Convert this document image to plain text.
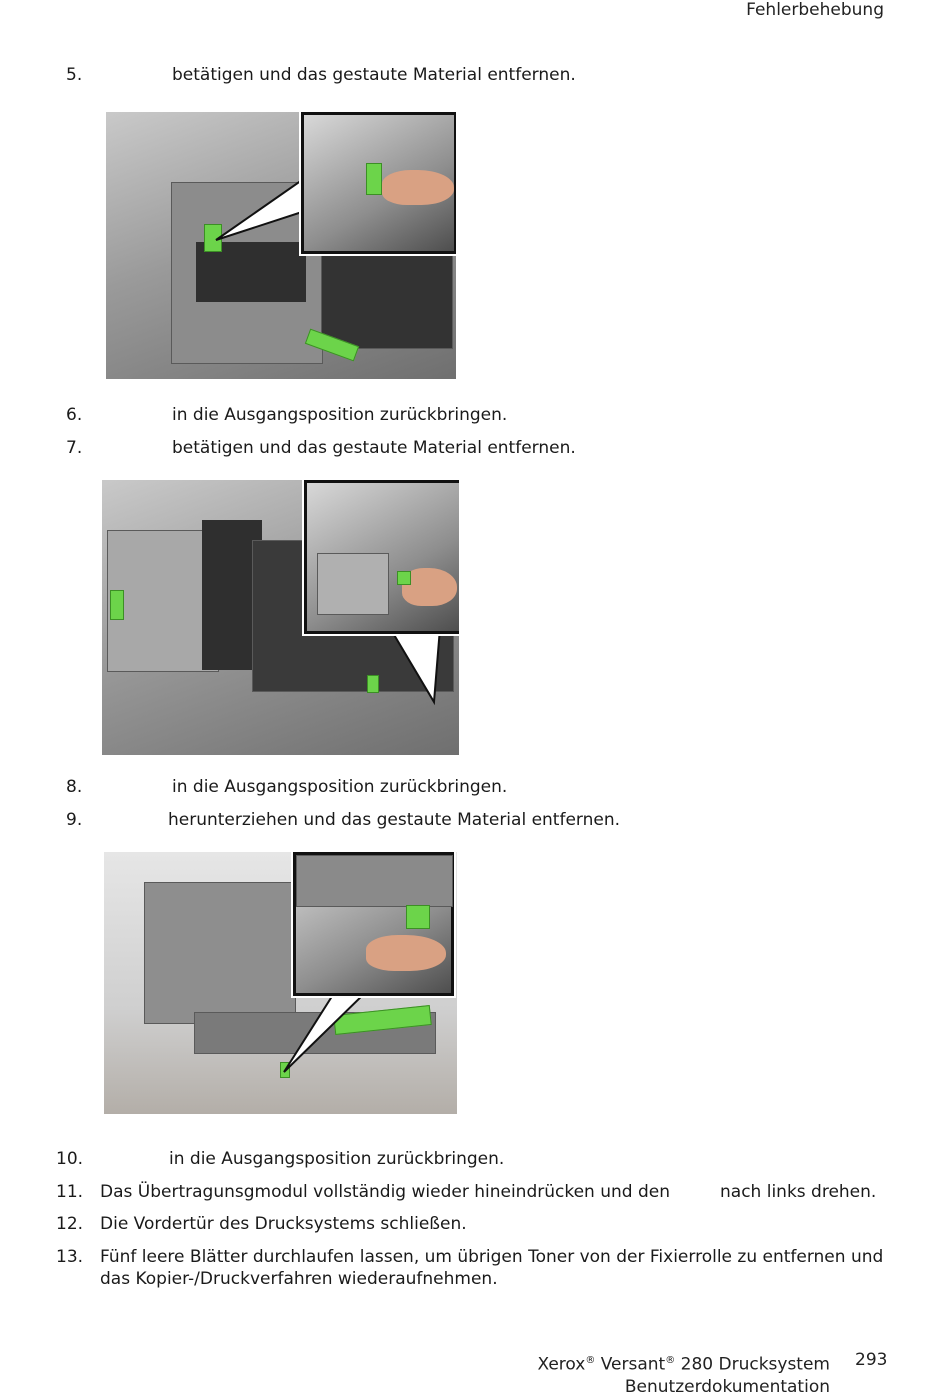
Fehlerbehebung
5.	betätigen und das gestaute Material entfernen.
6.	in die Ausgangsposition zurückbringen.
7.	betätigen und das gestaute Material entfernen.
8.	in die Ausgangsposition zurückbringen.
9.	herunterziehen und das gestaute Material entfernen.
10.	in die Ausgangsposition zurückbringen.
11. Das Übertragunsgmodul vollständig wieder hineindrücken und den	nach links drehen.
12. Die Vordertür des Drucksystems schließen.
13. Fünf leere Blätter durchlaufen lassen, um übrigen Toner von der Fixierrolle zu entfernen und
das Kopier-/Druckverfahren wiederaufnehmen.
Xerox® Versant® 280 Drucksystem
Benutzerdokumentation
293
